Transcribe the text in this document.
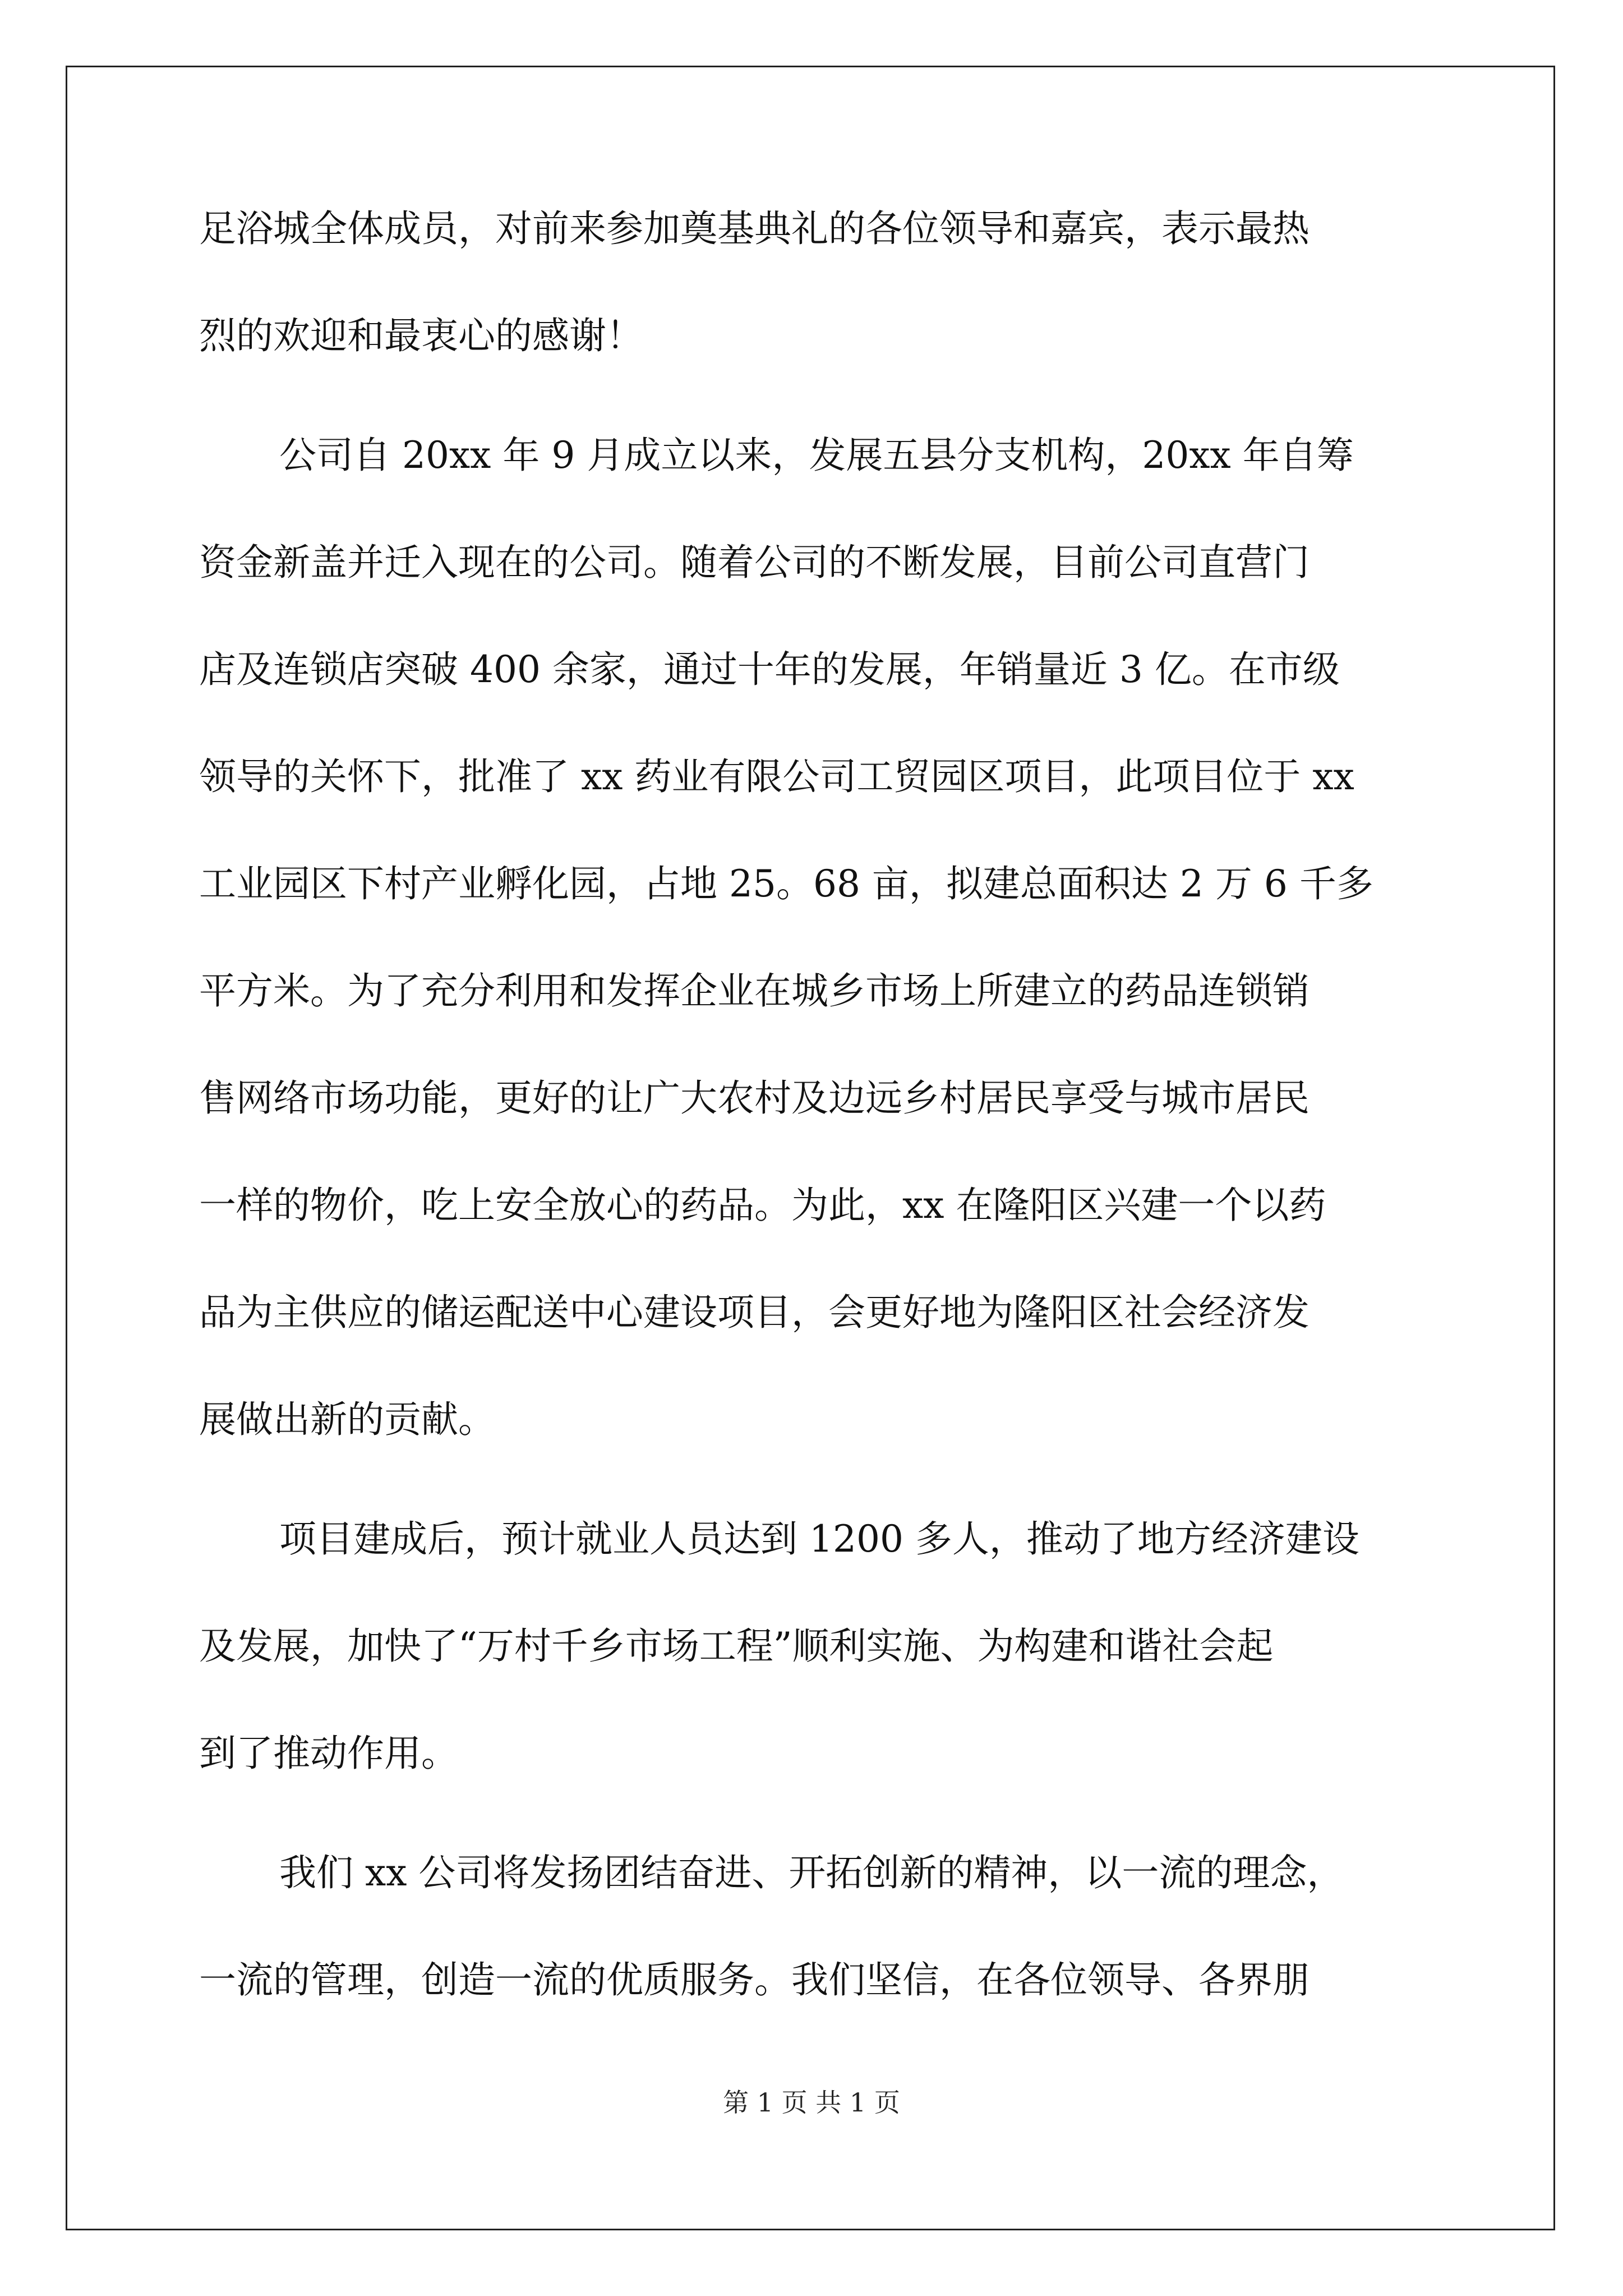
足浴城全体成员，对前来参加奠基典礼的各位领导和嘉宾，表示最热
烈的欢迎和最衷心的感谢！
公司自 20xx 年 9 月成立以来，发展五县分支机构，20xx 年自筹
资金新盖并迁入现在的公司。随着公司的不断发展，目前公司直营门
店及连锁店突破 400 余家，通过十年的发展，年销量近 3 亿。在市级
领导的关怀下，批准了 xx 药业有限公司工贸园区项目，此项目位于 xx
工业园区下村产业孵化园，占地 25。68 亩，拟建总面积达 2 万 6 千多
平方米。为了充分利用和发挥企业在城乡市场上所建立的药品连锁销
售网络市场功能，更好的让广大农村及边远乡村居民享受与城市居民
一样的物价，吃上安全放心的药品。为此，xx 在隆阳区兴建一个以药
品为主供应的储运配送中心建设项目，会更好地为隆阳区社会经济发
展做出新的贡献。
项目建成后，预计就业人员达到 1200 多人，推动了地方经济建设
及发展，加快了“万村千乡市场工程”顺利实施、为构建和谐社会起
到了推动作用。
我们 xx 公司将发扬团结奋进、开拓创新的精神，以一流的理念，
一流的管理，创造一流的优质服务。我们坚信，在各位领导、各界朋
第 1 页 共 1 页
